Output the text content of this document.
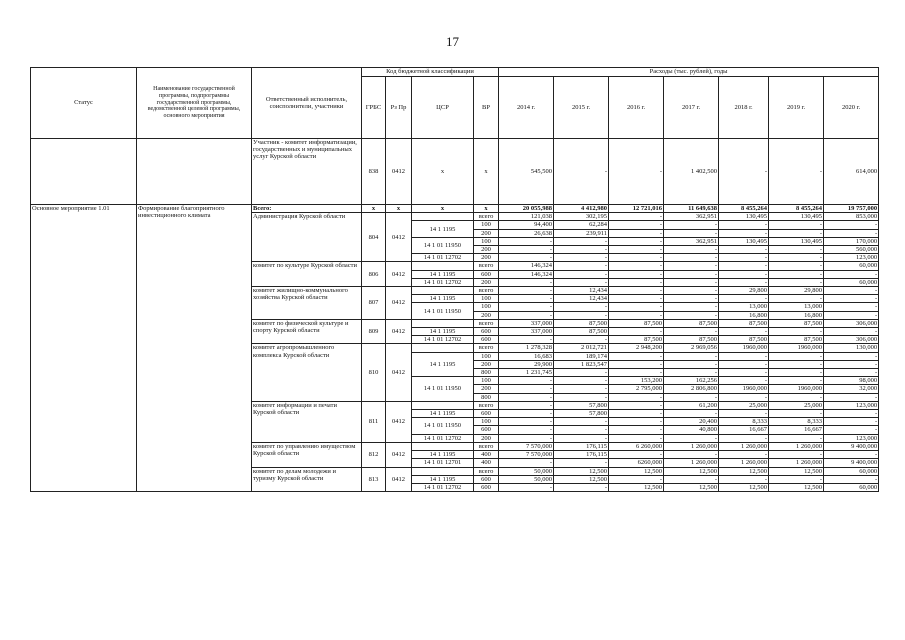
17
Статус	Наименование государственной программы, подпрограммы государственной программы, ведомственной целевой программы, основного мероприятия	Ответственный исполнитель, соисполнители, участники	Код бюджетной классификации				Расходы (тыс. рублей), годы						
			ГРБС	Рз Пр	ЦСР	ВР	2014 г.	2015 г.	2016 г.	2017 г.	2018 г.	2019 г.	2020 г.
		Участник - комитет информатизации, государственных и муниципальных услуг Курской области	838	0412	х	х	545,500	-	-	1 402,500	-	-	614,000
Основное мероприятие 1.01	Формирование благоприятного инвестиционного климата	Всего:	х	х	х	х	20 055,988	4 412,980	12 721,016	11 649,638	8 455,264	8 455,264	19 757,000
		Администрация Курской области	804	0412		всего	121,038	302,195	-	362,951	130,495	130,495	853,000
					14 1 1195	100	94,400	62,284	-	-	-	-	-
						200	26,638	239,911	-	-	-	-	-
					14 1 01 11950	100	-	-	-	362,951	130,495	130,495	170,000
						200	-	-	-	-	-	-	560,000
					14 1 01 12702	200	-	-	-	-	-	-	123,000
		комитет по культуре Курской области	806	0412		всего	146,324	-	-	-	-	-	60,000
					14 1 1195	600	146,324	-	-	-	-	-	-
					14 1 01 12702	200	-	-	-	-	-	-	60,000
		комитет жилищно-коммунального хозяйства Курской области	807	0412		всего	-	12,434	-	-	29,800	29,800	-
					14 1 1195	100	-	12,434	-	-	-	-	-
					14 1 01 11950	100	-	-	-	-	13,000	13,000	-
						200	-	-	-	-	16,800	16,800	-
		комитет по физической культуре и спорту Курской области	809	0412		всего	337,000	87,500	87,500	87,500	87,500	87,500	306,000
					14 1 1195	600	337,000	87,500	-	-	-	-	-
					14 1 01 12702	600	-	-	87,500	87,500	87,500	87,500	306,000
		комитет агропромышленного комплекса Курской области	810	0412		всего	1 278,328	2 012,721	2 948,200	2 969,056	1960,000	1960,000	130,000
					14 1 1195	100	16,683	189,174	-	-	-	-	-
						200	29,900	1 823,547	-	-	-	-	-
						800	1 231,745	-	-	-	-	-	-
					14 1 01 11950	100	-	-	153,200	162,256	-	-	98,000
						200	-	-	2 795,000	2 806,800	1960,000	1960,000	32,000
						800	-	-	-	-	-	-	-
		комитет информации и печати Курской области	811	0412		всего	-	57,800	-	61,200	25,000	25,000	123,000
					14 1 1195	600	-	57,800	-	-	-	-	-
					14 1 01 11950	100	-	-	-	20,400	8,333	8,333	-
						600	-	-	-	40,800	16,667	16,667	-
					14 1 01 12702	200	-	-	-	-	-	-	123,000
		комитет по управлению имуществом Курской области	812	0412		всего	7 570,000	176,115	6 260,000	1 260,000	1 260,000	1 260,000	9 400,000
					14 1 1195	400	7 570,000	176,115	-	-	-	-	-
					14 1 01 12701	400	-	-	6260,000	1 260,000	1 260,000	1 260,000	9 400,000
		комитет по делам молодежи и туризму Курской области	813	0412		всего	50,000	12,500	12,500	12,500	12,500	12,500	60,000
					14 1 1195	600	50,000	12,500	-	-	-	-	-
					14 1 01 12702	600	-	-	12,500	12,500	12,500	12,500	60,000
